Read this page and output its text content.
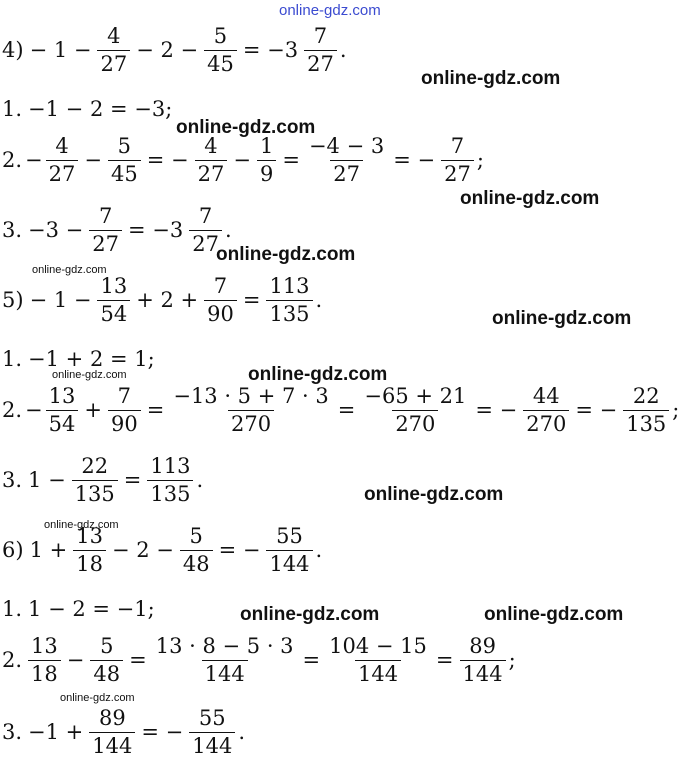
online-gdz.com
$4) - 1 - \frac{4}{27} - 2 - \frac{5}{45} = -3 \frac{7}{27}$ .
online-gdz.com
1. −1 − 2 = −3;
online-gdz.com
2. − $\frac{4}{27} - \frac{5}{45}$ = − $\frac{4}{27} - \frac{1}{9} = \frac{-4 - 3}{27}$ = − $\frac{7}{27}$ ;
online-gdz.com
3. $-3 - \frac{7}{27} = -3 \frac{7}{27}$ .
online-gdz.com
online-gdz.com
$5) - 1 - \frac{13}{54} + 2 + \frac{7}{90} = \frac{113}{135}$ .
online-gdz.com
1. −1 + 2 = 1;
online-gdz.com
online-gdz.com
2. − $\frac{13}{54} + \frac{7}{90} = \frac{-13 \cdot 5 + 7 \cdot 3}{270} = \frac{-65 + 21}{270}$ = − $\frac{44}{270}$ = − $\frac{22}{135}$ ;
3. $1 - \frac{22}{135} = \frac{113}{135}$ .
online-gdz.com
online-gdz.com
6) $1 + \frac{13}{18} - 2 - \frac{5}{48}$ = − $\frac{55}{144}$ .
1. 1 − 2 = −1;	online-gdz.com	online-gdz.com
2. $\frac{13}{18} - \frac{5}{48} = \frac{13 \cdot 8 - 5 \cdot 3}{144} = \frac{104 - 15}{144} = \frac{89}{144}$ ;
online-gdz.com
3. $-1 + \frac{89}{144}$ = − $\frac{55}{144}$ .
